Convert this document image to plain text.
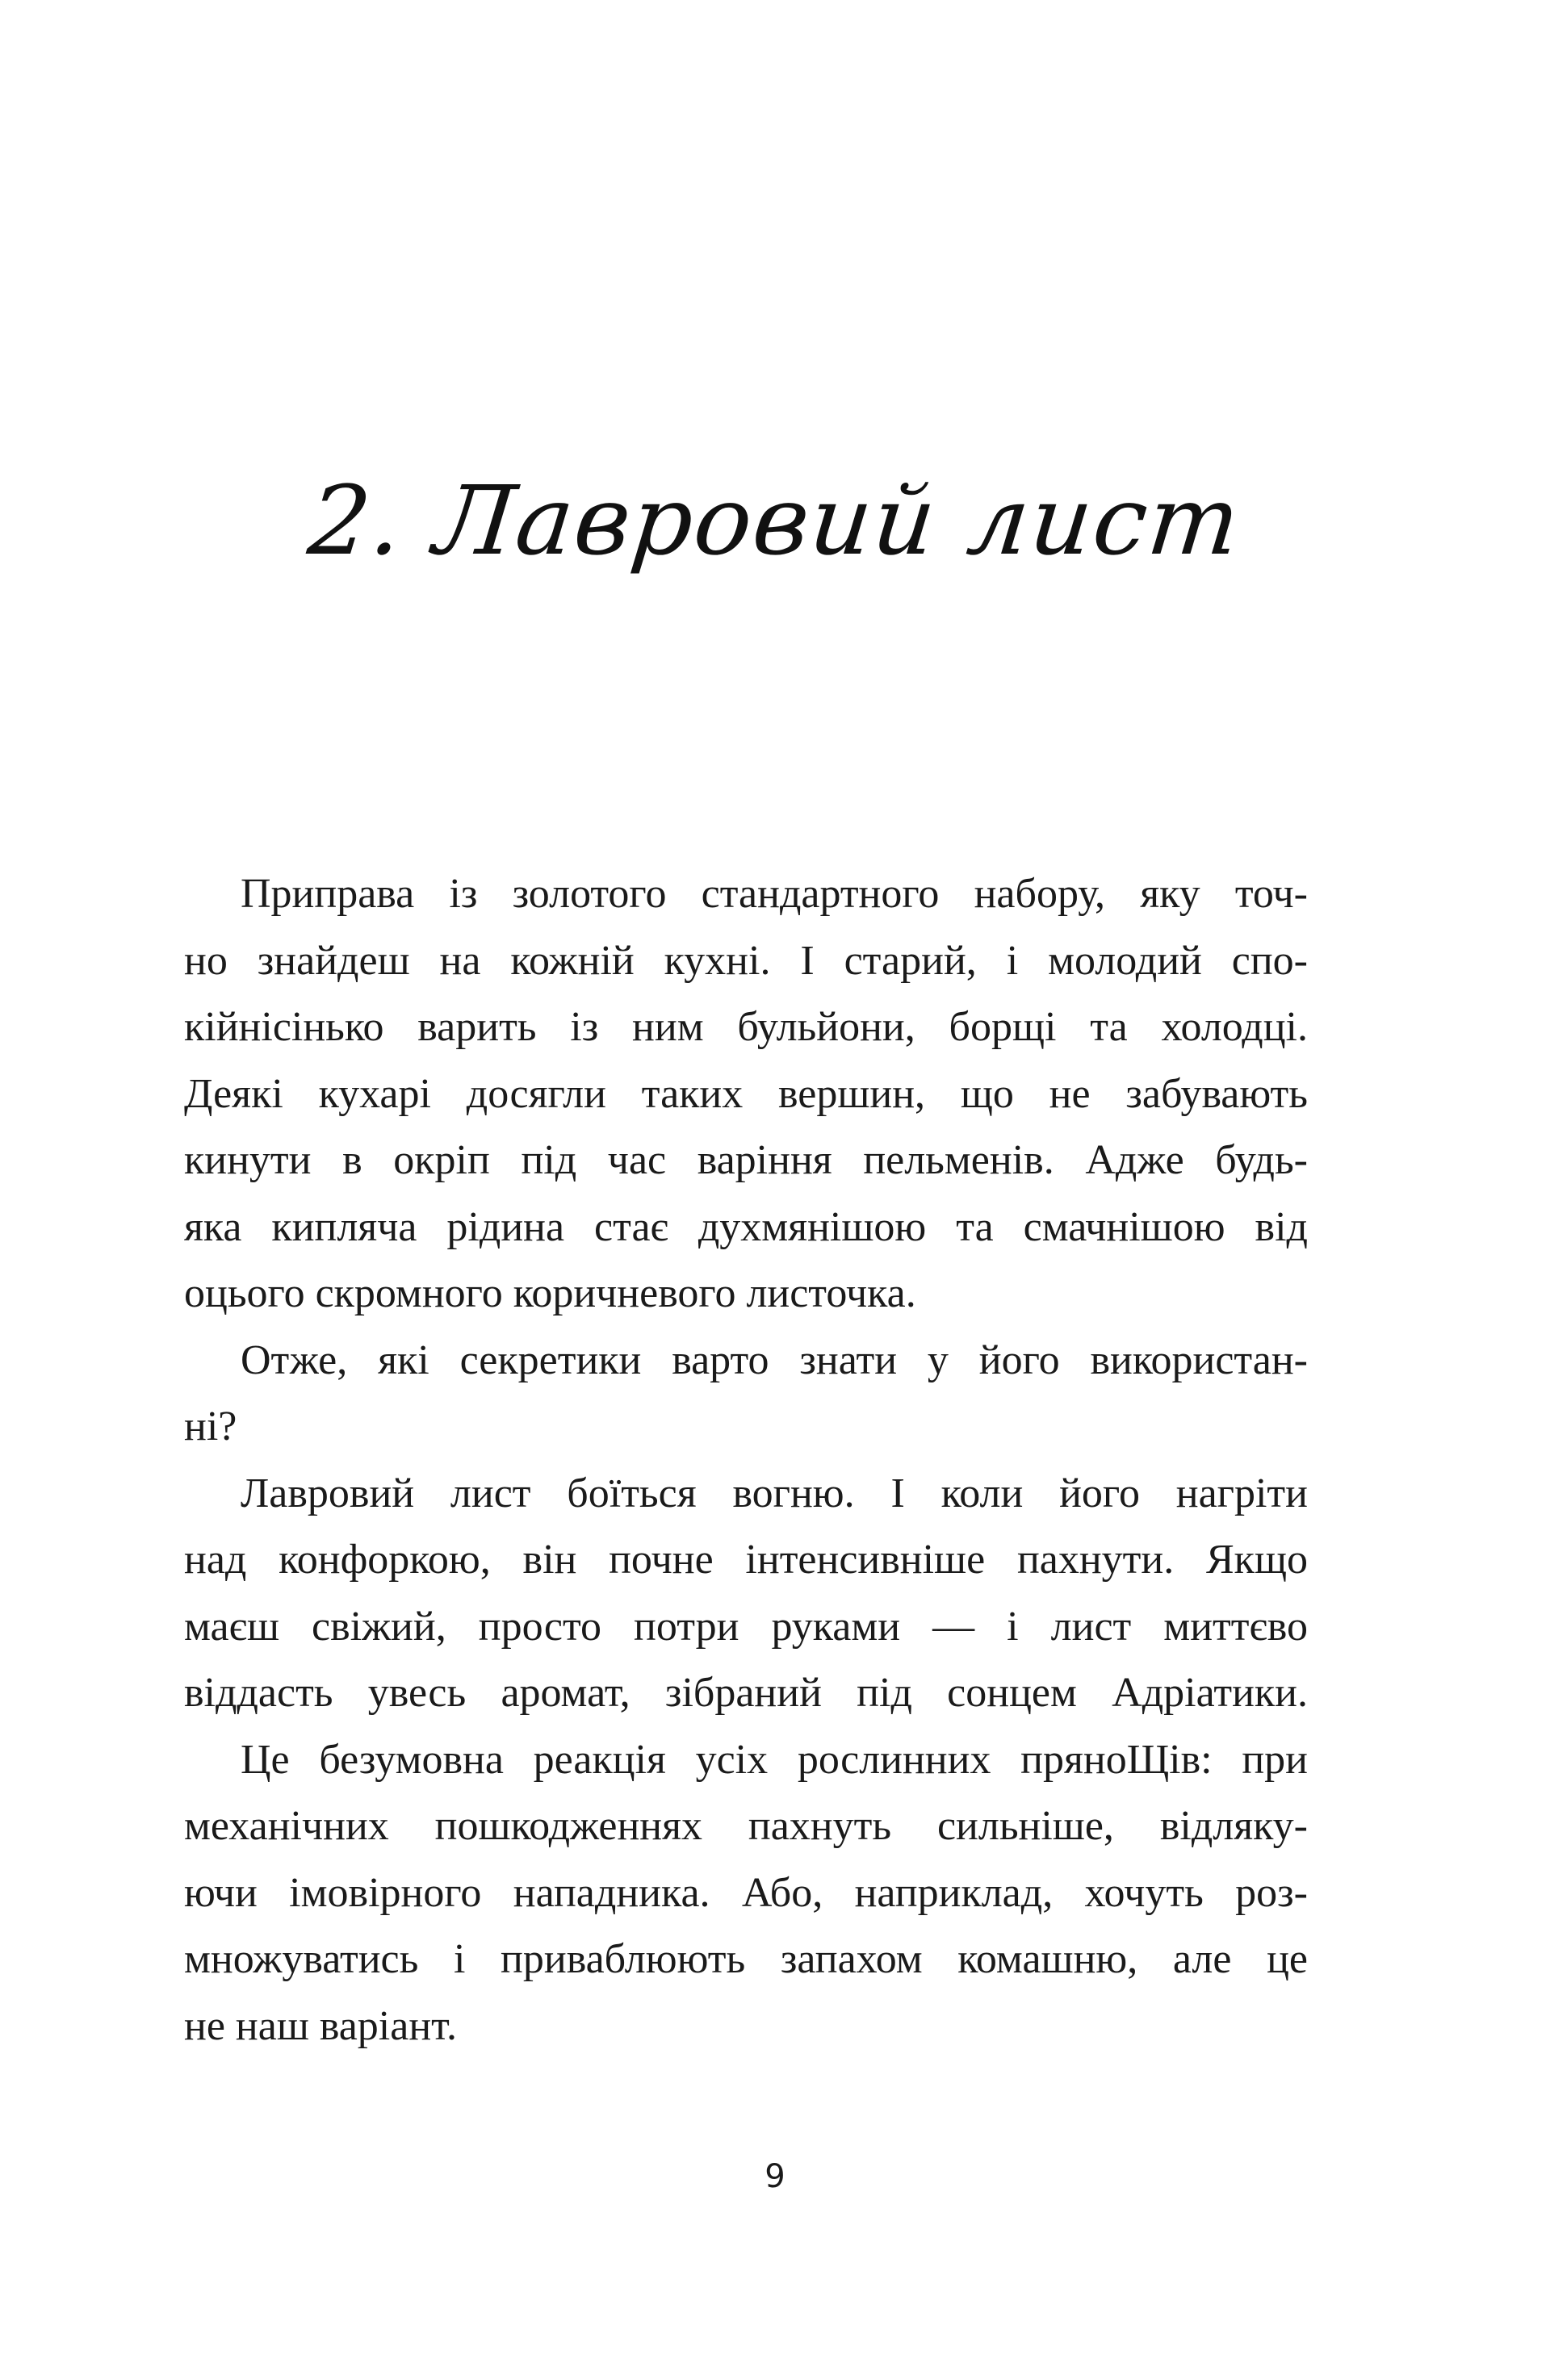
2. Лавровий лист
Приправа із золотого стандартного набору, яку точ-
но знайдеш на кожній кухні. І старий, і молодий спо-
кійнісінько варить із ним бульйони, борщі та холодці.
Деякі кухарі досягли таких вершин, що не забувають
кинути в окріп під час варіння пельменів. Адже будь-
яка кипляча рідина стає духмянішою та смачнішою від
оцього скромного коричневого листочка.
Отже, які секретики варто знати у його використан-
ні?
Лавровий лист боїться вогню. І коли його нагріти
над конфоркою, він почне інтенсивніше пахнути. Якщо
маєш свіжий, просто потри руками — і лист миттєво
віддасть увесь аромат, зібраний під сонцем Адріатики.
Це безумовна реакція усіх рослинних пряноЩів: при
механічних пошкодженнях пахнуть сильніше, відляку-
ючи імовірного нападника. Або, наприклад, хочуть роз-
множуватись і приваблюють запахом комашню, але це
не наш варіант.
9
